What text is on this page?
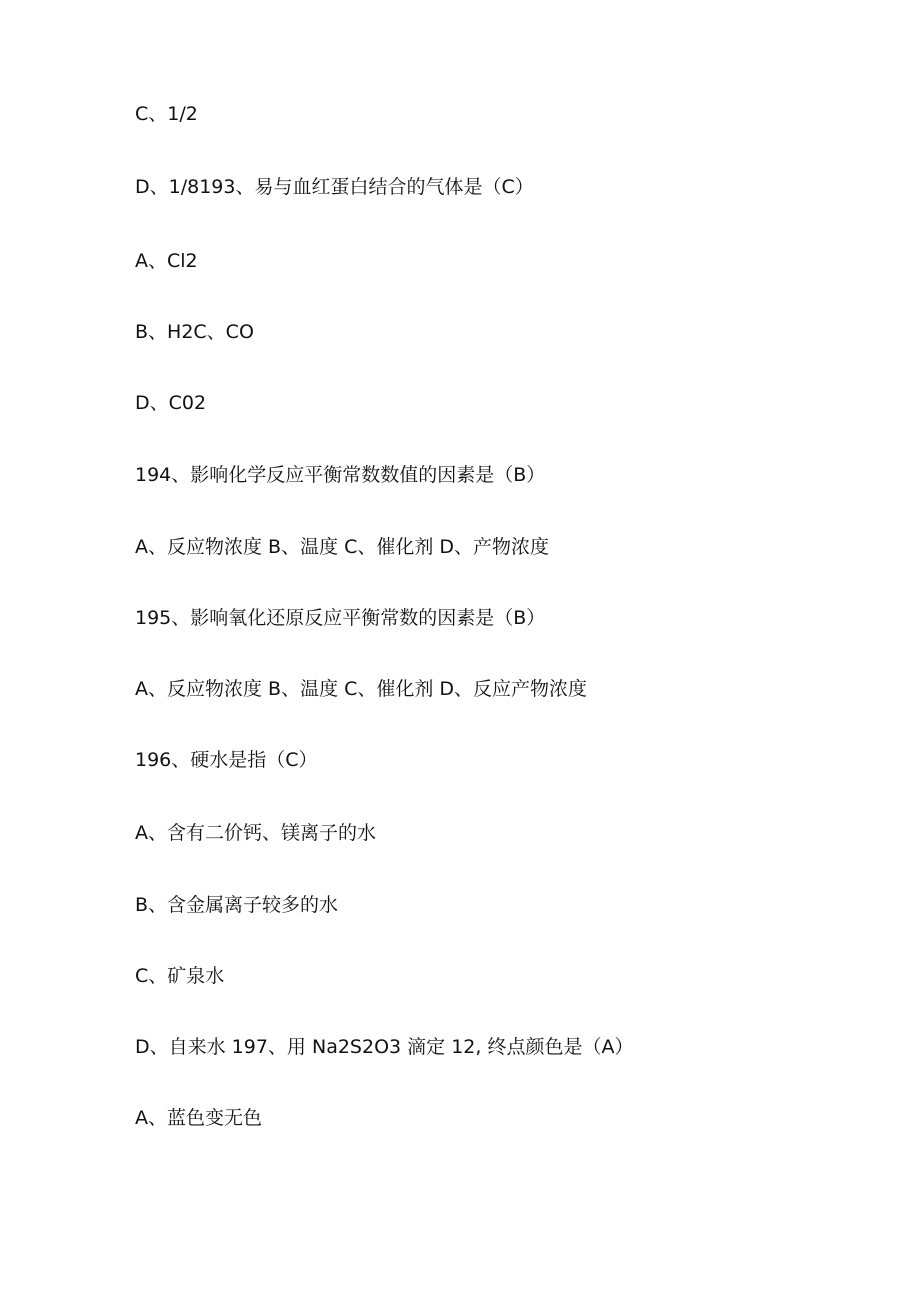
C、1/2

D、1/8193、易与血红蛋白结合的气体是（C）

A、Cl2

B、H2C、CO

D、C02

194、影响化学反应平衡常数数值的因素是（B）

A、反应物浓度 B、温度 C、催化剂 D、产物浓度

195、影响氧化还原反应平衡常数的因素是（B）

A、反应物浓度 B、温度 C、催化剂 D、反应产物浓度

196、硬水是指（C）

A、含有二价钙、镁离子的水

B、含金属离子较多的水

C、矿泉水

D、自来水 197、用 Na2S2O3 滴定 12, 终点颜色是（A）

A、蓝色变无色
